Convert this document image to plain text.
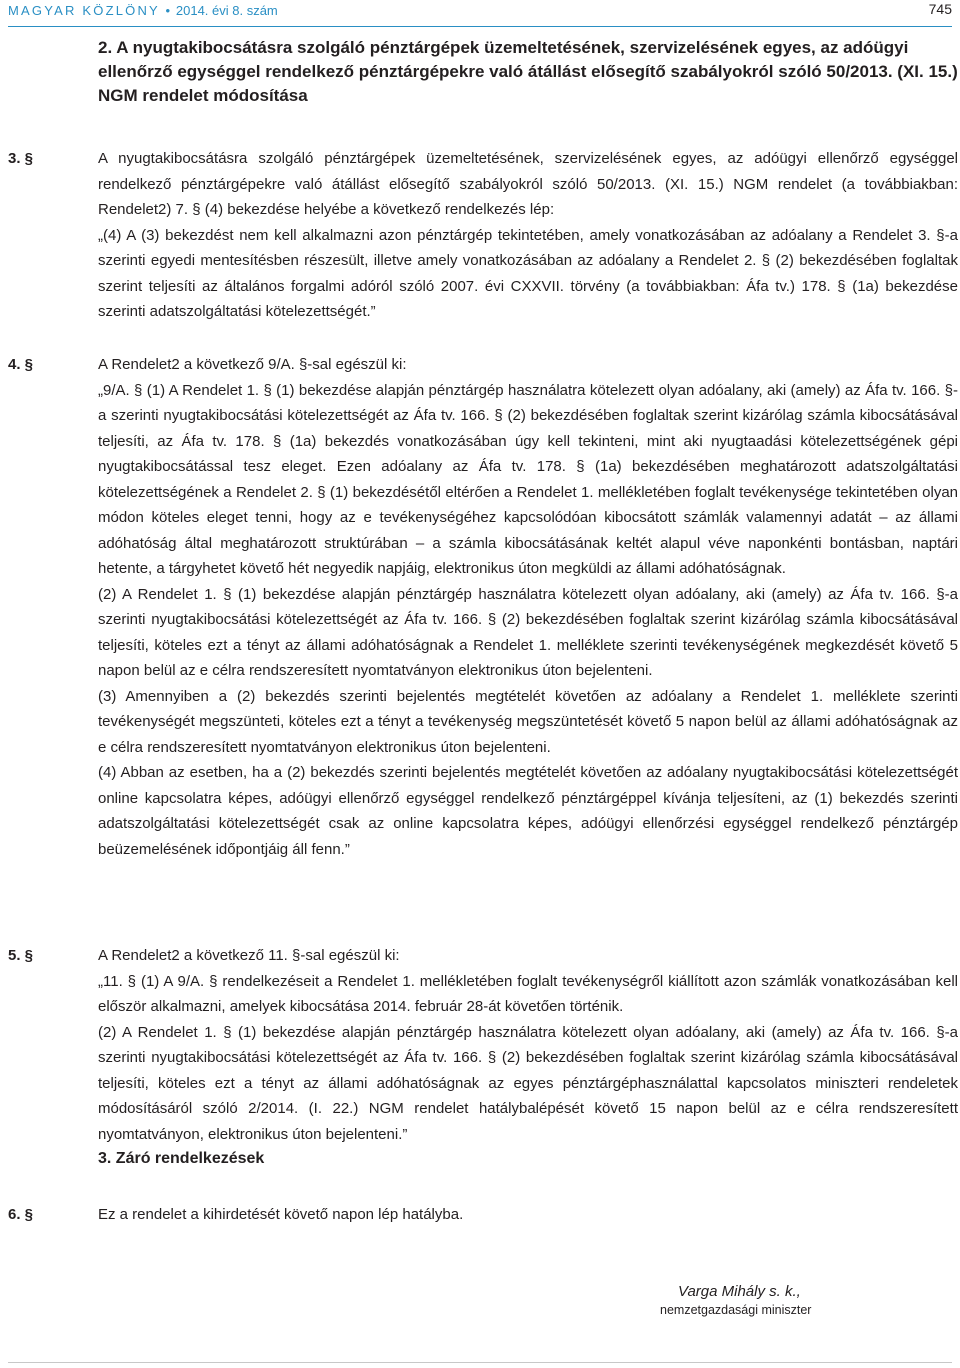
MAGYAR KÖZLÖNY • 2014. évi 8. szám	745
2. A nyugtakibocsátásra szolgáló pénztárgépek üzemeltetésének, szervizelésének egyes, az adóügyi ellenőrző egységgel rendelkező pénztárgépekre való átállást elősegítő szabályokról szóló 50/2013. (XI. 15.) NGM rendelet módosítása
3. §	A nyugtakibocsátásra szolgáló pénztárgépek üzemeltetésének, szervizelésének egyes, az adóügyi ellenőrző egységgel rendelkező pénztárgépekre való átállást elősegítő szabályokról szóló 50/2013. (XI. 15.) NGM rendelet (a továbbiakban: Rendelet2) 7. § (4) bekezdése helyébe a következő rendelkezés lép:

„(4) A (3) bekezdést nem kell alkalmazni azon pénztárgép tekintetében, amely vonatkozásában az adóalany a Rendelet 3. §-a szerinti egyedi mentesítésben részesült, illetve amely vonatkozásában az adóalany a Rendelet 2. § (2) bekezdésében foglaltak szerint teljesíti az általános forgalmi adóról szóló 2007. évi CXXVII. törvény (a továbbiakban: Áfa tv.) 178. § (1a) bekezdése szerinti adatszolgáltatási kötelezettségét.”

4. §	A Rendelet2 a következő 9/A. §-sal egészül ki:

„9/A. § (1) A Rendelet 1. § (1) bekezdése alapján pénztárgép használatra kötelezett olyan adóalany, aki (amely) az Áfa tv. 166. §-a szerinti nyugtakibocsátási kötelezettségét az Áfa tv. 166. § (2) bekezdésében foglaltak szerint kizárólag számla kibocsátásával teljesíti, az Áfa tv. 178. § (1a) bekezdés vonatkozásában úgy kell tekinteni, mint aki nyugtaadási kötelezettségének gépi nyugtakibocsátással tesz eleget. Ezen adóalany az Áfa tv. 178. § (1a) bekezdésében meghatározott adatszolgáltatási kötelezettségének a Rendelet 2. § (1) bekezdésétől eltérően a Rendelet 1. mellékletében foglalt tevékenysége tekintetében olyan módon köteles eleget tenni, hogy az e tevékenységéhez kapcsolódóan kibocsátott számlák valamennyi adatát – az állami adóhatóság által meghatározott struktúrában – a számla kibocsátásának keltét alapul véve naponkénti bontásban, naptári hetente, a tárgyhetet követő hét negyedik napjáig, elektronikus úton megküldi az állami adóhatóságnak.

(2) A Rendelet 1. § (1) bekezdése alapján pénztárgép használatra kötelezett olyan adóalany, aki (amely) az Áfa tv. 166. §-a szerinti nyugtakibocsátási kötelezettségét az Áfa tv. 166. § (2) bekezdésében foglaltak szerint kizárólag számla kibocsátásával teljesíti, köteles ezt a tényt az állami adóhatóságnak a Rendelet 1. melléklete szerinti tevékenységének megkezdését követő 5 napon belül az e célra rendszeresített nyomtatványon elektronikus úton bejelenteni.

(3) Amennyiben a (2) bekezdés szerinti bejelentés megtételét követően az adóalany a Rendelet 1. melléklete szerinti tevékenységét megszünteti, köteles ezt a tényt a tevékenység megszüntetését követő 5 napon belül az állami adóhatóságnak az e célra rendszeresített nyomtatványon elektronikus úton bejelenteni.

(4) Abban az esetben, ha a (2) bekezdés szerinti bejelentés megtételét követően az adóalany nyugtakibocsátási kötelezettségét online kapcsolatra képes, adóügyi ellenőrző egységgel rendelkező pénztárgéppel kívánja teljesíteni, az (1) bekezdés szerinti adatszolgáltatási kötelezettségét csak az online kapcsolatra képes, adóügyi ellenőrzési egységgel rendelkező pénztárgép beüzemelésének időpontjáig áll fenn.”

5. §	A Rendelet2 a következő 11. §-sal egészül ki:

„11. § (1) A 9/A. § rendelkezéseit a Rendelet 1. mellékletében foglalt tevékenységről kiállított azon számlák vonatkozásában kell először alkalmazni, amelyek kibocsátása 2014. február 28-át követően történik.

(2) A Rendelet 1. § (1) bekezdése alapján pénztárgép használatra kötelezett olyan adóalany, aki (amely) az Áfa tv. 166. §-a szerinti nyugtakibocsátási kötelezettségét az Áfa tv. 166. § (2) bekezdésében foglaltak szerint kizárólag számla kibocsátásával teljesíti, köteles ezt a tényt az állami adóhatóságnak az egyes pénztárgéphasználattal kapcsolatos miniszteri rendeletek módosításáról szóló 2/2014. (I. 22.) NGM rendelet hatálybalépését követő 15 napon belül az e célra rendszeresített nyomtatványon, elektronikus úton bejelenteni.”

3. Záró rendelkezések
6. §	Ez a rendelet a kihirdetését követő napon lép hatályba.

Varga Mihály s. k.,
nemzetgazdasági miniszter
